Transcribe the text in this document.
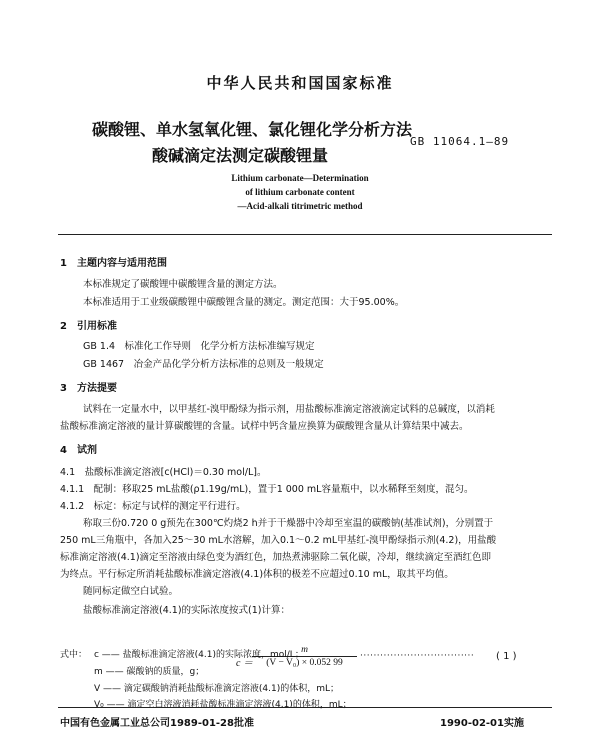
中华人民共和国国家标准
碳酸锂、单水氢氧化锂、氯化锂化学分析方法
酸碱滴定法测定碳酸锂量
GB 11064.1—89
Lithium carbonate—Determination
of lithium carbonate content
—Acid-alkali titrimetric method
1　主题内容与适用范围
本标准规定了碳酸锂中碳酸锂含量的测定方法。
本标准适用于工业级碳酸锂中碳酸锂含量的测定。测定范围：大于95.00%。
2　引用标准
GB 1.4　标准化工作导则　化学分析方法标准编写规定
GB 1467　冶金产品化学分析方法标准的总则及一般规定
3　方法提要
试料在一定量水中，以甲基红-溴甲酚绿为指示剂，用盐酸标准滴定溶液滴定试料的总碱度，以消耗
盐酸标准滴定溶液的量计算碳酸锂的含量。试样中钙含量应换算为碳酸锂含量从计算结果中减去。
4　试剂
4.1　盐酸标准滴定溶液[c(HCl)＝0.30 mol/L]。
4.1.1　配制：移取25 mL盐酸(ρ1.19g/mL)，置于1 000 mL容量瓶中，以水稀释至刻度，混匀。
4.1.2　标定：标定与试样的测定平行进行。
称取三份0.720 0 g预先在300℃灼烧2 h并于干燥器中冷却至室温的碳酸钠(基准试剂)，分别置于
250 mL三角瓶中，各加入25～30 mL水溶解，加入0.1～0.2 mL甲基红-溴甲酚绿指示剂(4.2)，用盐酸
标准滴定溶液(4.1)滴定至溶液由绿色变为酒红色，加热煮沸驱除二氧化碳，冷却，继续滴定至酒红色即
为终点。平行标定所消耗盐酸标准滴定溶液(4.1)体积的极差不应超过0.10 mL，取其平均值。
随同标定做空白试验。
盐酸标准滴定溶液(4.1)的实际浓度按式(1)计算：
c ＝
m
(V − V₀) × 0.052 99
·································· ( 1 )
式中： c —— 盐酸标准滴定溶液(4.1)的实际浓度，mol/L；
m —— 碳酸钠的质量，g；
V —— 滴定碳酸钠消耗盐酸标准滴定溶液(4.1)的体积，mL；
V₀ —— 滴定空白溶液消耗盐酸标准滴定溶液(4.1)的体积，mL；
中国有色金属工业总公司1989-01-28批准	1990-02-01实施
